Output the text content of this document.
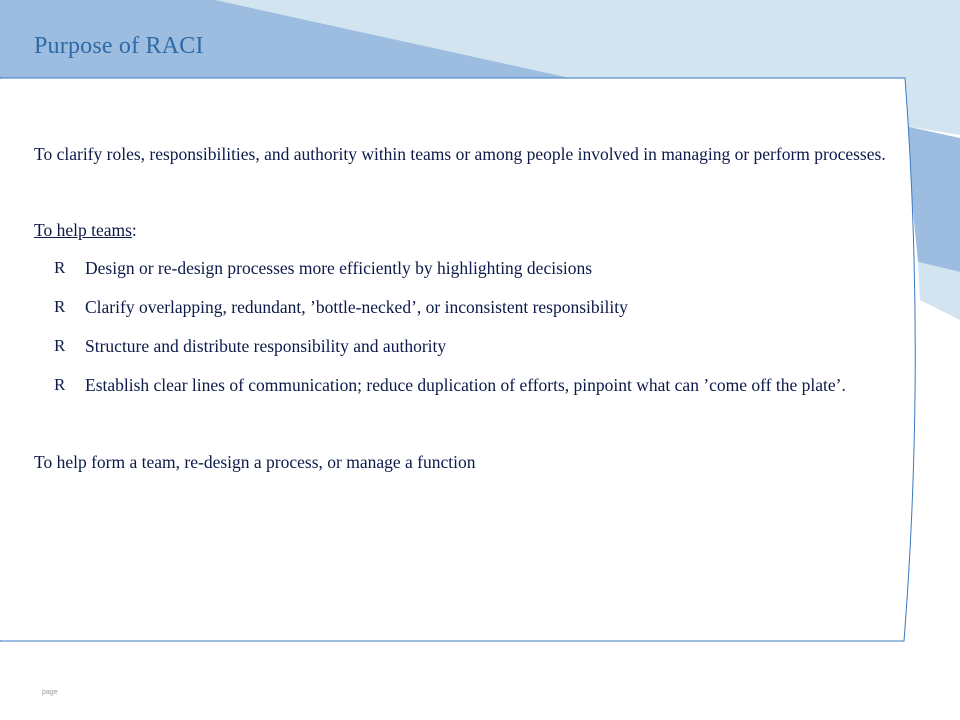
Purpose of RACI

To clarify roles, responsibilities, and authority within teams or among people involved in managing or perform processes.

To help teams:

R Design or re-design processes more efficiently by highlighting decisions
R Clarify overlapping, redundant, ’bottle-necked’, or inconsistent responsibility
R Structure and distribute responsibility and authority
R Establish clear lines of communication; reduce duplication of efforts, pinpoint what can ’come off the plate’.

To help form a team, re-design a process, or manage a function

page
